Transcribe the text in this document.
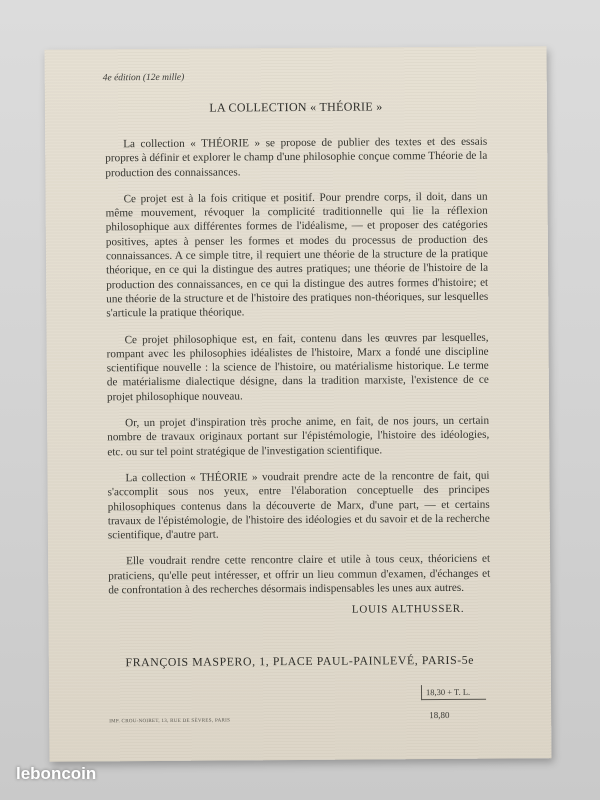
4e édition (12e mille)
LA COLLECTION « THÉORIE »

La collection « THÉORIE » se propose de publier des textes et des essais propres à définir et explorer le champ d'une philosophie conçue comme Théorie de la production des connaissances.

Ce projet est à la fois critique et positif. Pour prendre corps, il doit, dans un même mouvement, révoquer la complicité traditionnelle qui lie la réflexion philosophique aux différentes formes de l'idéalisme, — et proposer des catégories positives, aptes à penser les formes et modes du processus de production des connaissances. A ce simple titre, il requiert une théorie de la structure de la pratique théorique, en ce qui la distingue des autres pratiques; une théorie de l'histoire de la production des connaissances, en ce qui la distingue des autres formes d'histoire; et une théorie de la structure et de l'histoire des pratiques non-théoriques, sur lesquelles s'articule la pratique théorique.

Ce projet philosophique est, en fait, contenu dans les œuvres par lesquelles, rompant avec les philosophies idéalistes de l'histoire, Marx a fondé une discipline scientifique nouvelle : la science de l'histoire, ou matérialisme historique. Le terme de matérialisme dialectique désigne, dans la tradition marxiste, l'existence de ce projet philosophique nouveau.

Or, un projet d'inspiration très proche anime, en fait, de nos jours, un certain nombre de travaux originaux portant sur l'épistémologie, l'histoire des idéologies, etc. ou sur tel point stratégique de l'investigation scientifique.

La collection « THÉORIE » voudrait prendre acte de la rencontre de fait, qui s'accomplit sous nos yeux, entre l'élaboration conceptuelle des principes philosophiques contenus dans la découverte de Marx, d'une part, — et certains travaux de l'épistémologie, de l'histoire des idéologies et du savoir et de la recherche scientifique, d'autre part.

Elle voudrait rendre cette rencontre claire et utile à tous ceux, théoriciens et praticiens, qu'elle peut intéresser, et offrir un lieu commun d'examen, d'échanges et de confrontation à des recherches désormais indispensables les unes aux autres.

LOUIS ALTHUSSER.
FRANÇOIS MASPERO, 1, PLACE PAUL-PAINLEVÉ, PARIS-5e
18,30 + T. L.
18,80
IMP. CROU-NOIRET, 13, RUE DE SÈVRES, PARIS
leboncoin
